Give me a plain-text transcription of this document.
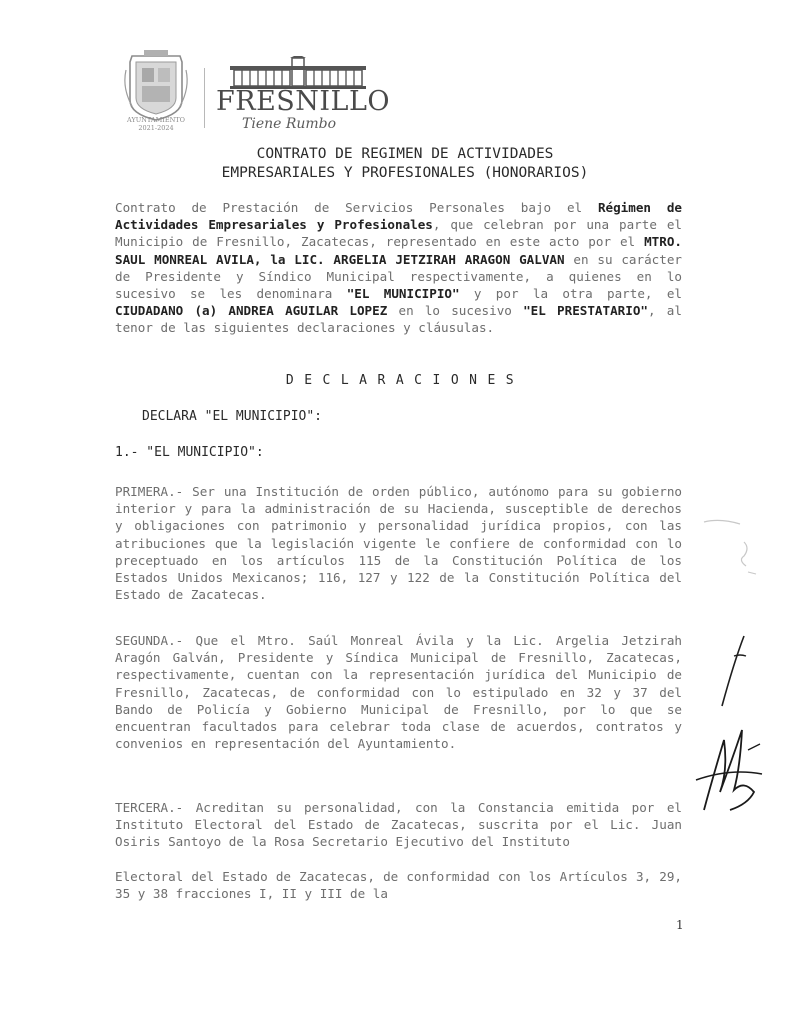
AYUNTAMIENTO
2021-2024
FRESNILLO
Tiene Rumbo
CONTRATO DE REGIMEN DE ACTIVIDADES
EMPRESARIALES Y PROFESIONALES (HONORARIOS)
Contrato de Prestación de Servicios Personales bajo el Régimen de Actividades Empresariales y Profesionales, que celebran por una parte el Municipio de Fresnillo, Zacatecas, representado en este acto por el MTRO. SAUL MONREAL AVILA, la LIC. ARGELIA JETZIRAH ARAGON GALVAN en su carácter de Presidente y Síndico Municipal respectivamente, a quienes en lo sucesivo se les denominara "EL MUNICIPIO" y por la otra parte, el CIUDADANO (a) ANDREA AGUILAR LOPEZ en lo sucesivo "EL PRESTATARIO", al tenor de las siguientes declaraciones y cláusulas.
DECLARACIONES
DECLARA "EL MUNICIPIO":
1.- "EL MUNICIPIO":
PRIMERA.- Ser una Institución de orden público, autónomo para su gobierno interior y para la administración de su Hacienda, susceptible de derechos y obligaciones con patrimonio y personalidad jurídica propios, con las atribuciones que la legislación vigente le confiere de conformidad con lo preceptuado en los artículos 115 de la Constitución Política de los Estados Unidos Mexicanos; 116, 127 y 122 de la Constitución Política del Estado de Zacatecas.
SEGUNDA.- Que el Mtro. Saúl Monreal Ávila y la Lic. Argelia Jetzirah Aragón Galván, Presidente y Síndica Municipal de Fresnillo, Zacatecas, respectivamente, cuentan con la representación jurídica del Municipio de Fresnillo, Zacatecas, de conformidad con lo estipulado en 32 y 37 del Bando de Policía y Gobierno Municipal de Fresnillo, por lo que se encuentran facultados para celebrar toda clase de acuerdos, contratos y convenios en representación del Ayuntamiento.
TERCERA.- Acreditan su personalidad, con la Constancia emitida por el Instituto Electoral del Estado de Zacatecas, suscrita por el Lic. Juan Osiris Santoyo de la Rosa Secretario Ejecutivo del Instituto
Electoral del Estado de Zacatecas, de conformidad con los Artículos 3, 29, 35 y 38 fracciones I, II y III de la
1
